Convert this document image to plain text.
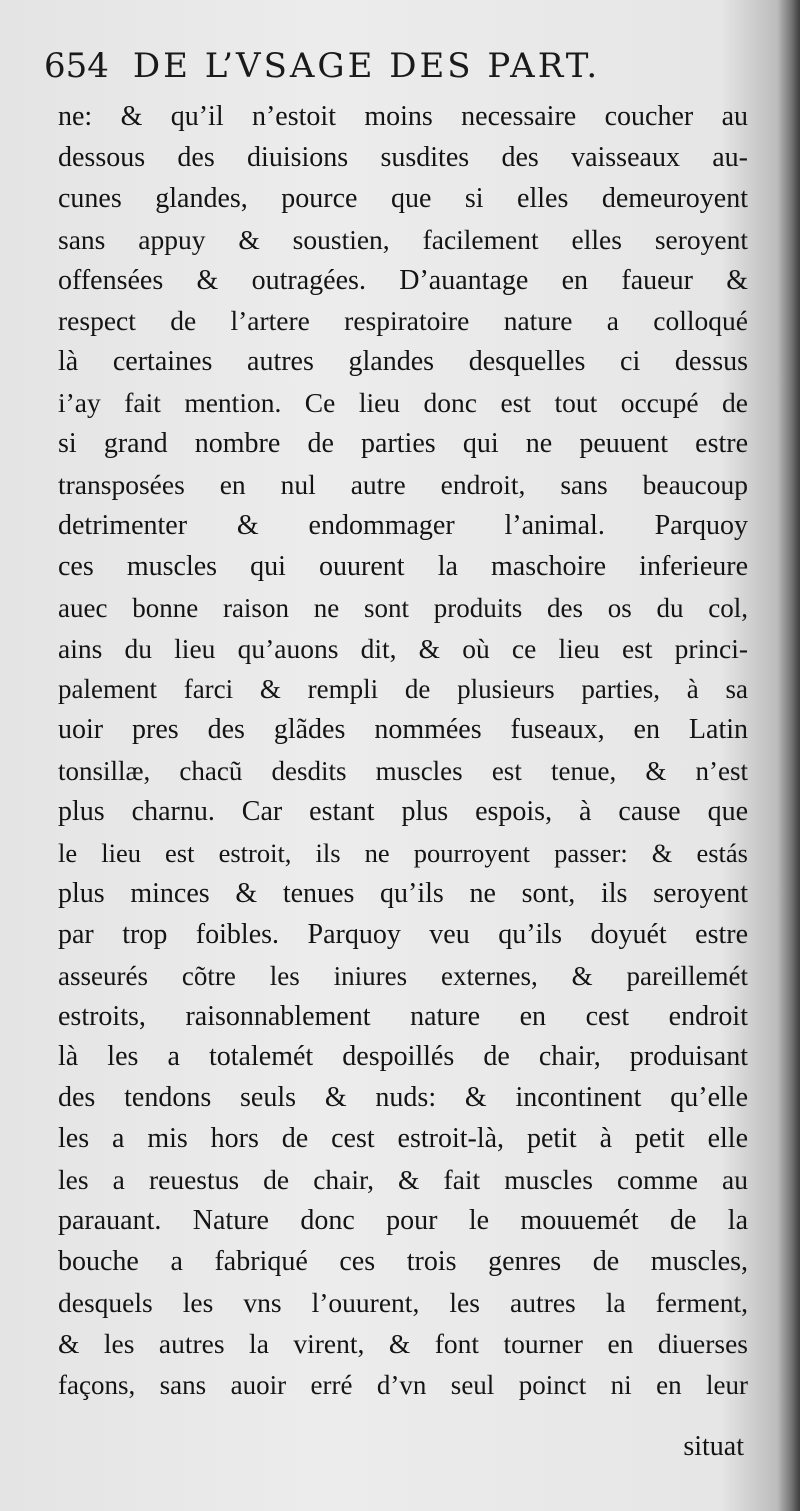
654 DE L’VSAGE DES PART.
ne: & qu’il n’estoit moins necessaire coucher au
dessous des diuisions susdites des vaisseaux au-
cunes glandes, pource que si elles demeuroyent
sans appuy & soustien, facilement elles seroyent
offensées & outragées. D’auantage en faueur &
respect de l’artere respiratoire nature a colloqué
là certaines autres glandes desquelles ci dessus
i’ay fait mention. Ce lieu donc est tout occupé de
si grand nombre de parties qui ne peuuent estre
transposées en nul autre endroit, sans beaucoup
detrimenter & endommager l’animal. Parquoy
ces muscles qui ouurent la maschoire inferieure
auec bonne raison ne sont produits des os du col,
ains du lieu qu’auons dit, & où ce lieu est princi-
palement farci & rempli de plusieurs parties, à sa
uoir pres des glãdes nommées fuseaux, en Latin
tonsillæ, chacũ desdits muscles est tenue, & n’est
plus charnu. Car estant plus espois, à cause que
le lieu est estroit, ils ne pourroyent passer: & estás
plus minces & tenues qu’ils ne sont, ils seroyent
par trop foibles. Parquoy veu qu’ils doyuét estre
asseurés cõtre les iniures externes, & pareillemét
estroits, raisonnablement nature en cest endroit
là les a totalemét despoillés de chair, produisant
des tendons seuls & nuds: & incontinent qu’elle
les a mis hors de cest estroit-là, petit à petit elle
les a reuestus de chair, & fait muscles comme au
parauant. Nature donc pour le mouuemét de la
bouche a fabriqué ces trois genres de muscles,
desquels les vns l’ouurent, les autres la ferment,
& les autres la virent, & font tourner en diuerses
façons, sans auoir erré d’vn seul poinct ni en leur
situat
